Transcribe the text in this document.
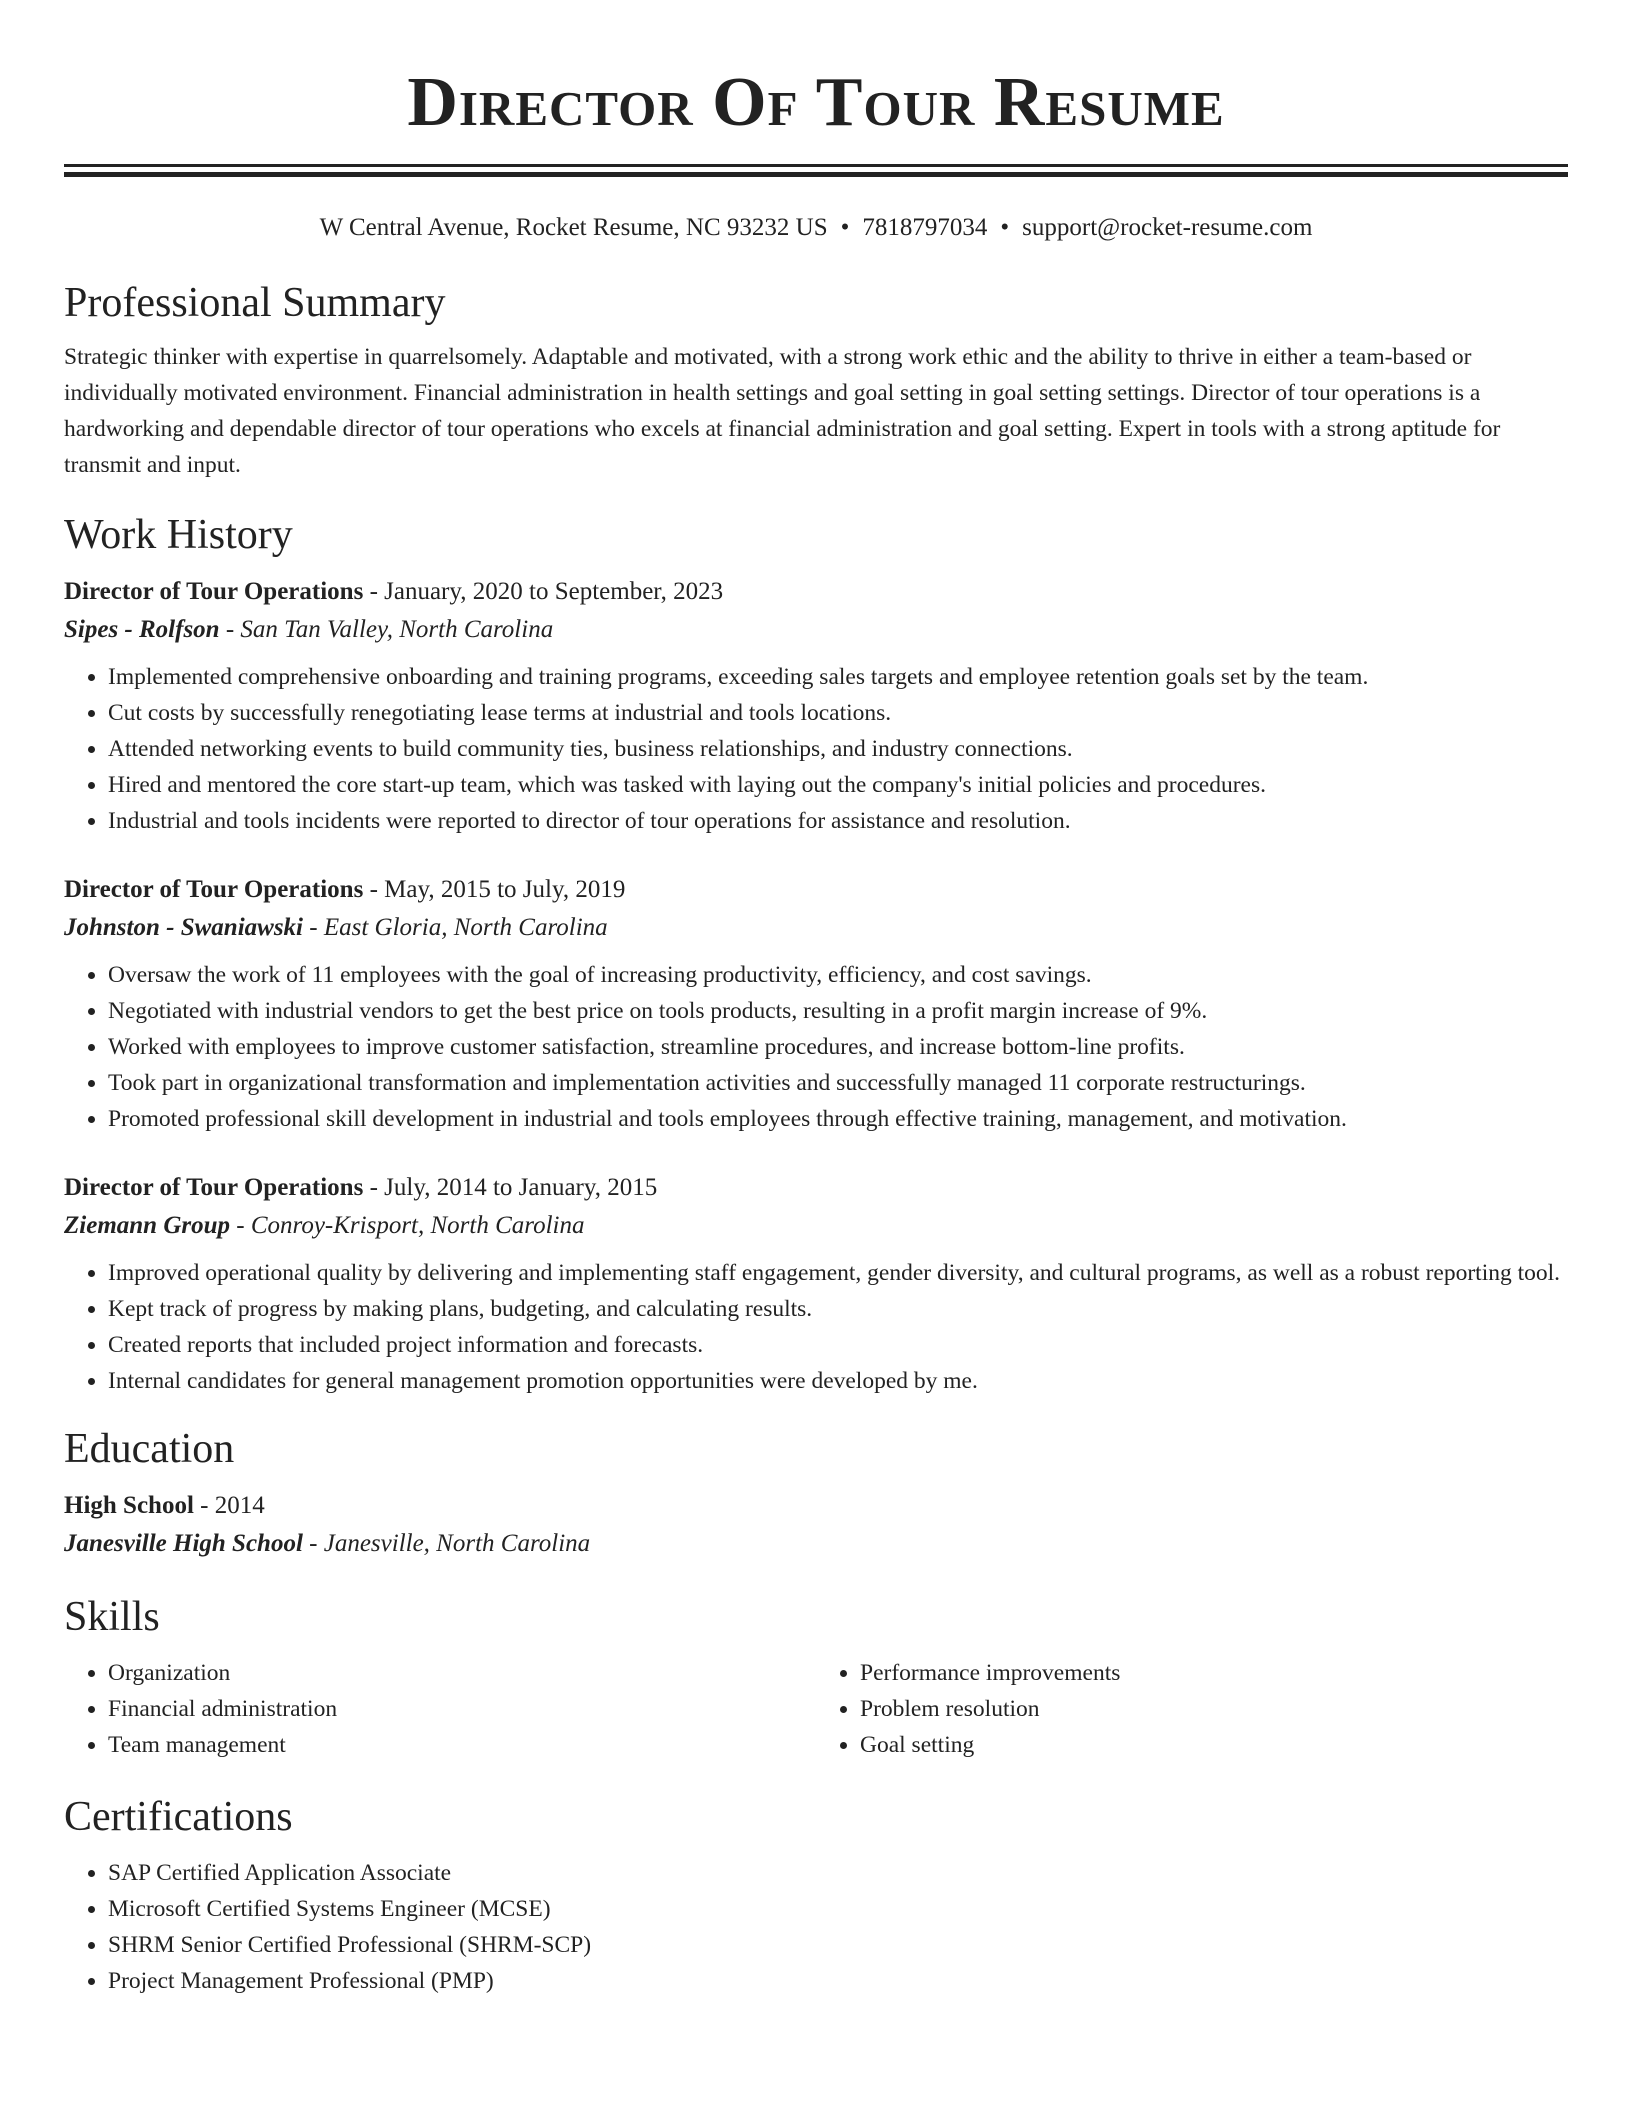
Director Of Tour Resume
W Central Avenue, Rocket Resume, NC 93232 US • 7818797034 • support@rocket-resume.com
Professional Summary

Strategic thinker with expertise in quarrelsomely. Adaptable and motivated, with a strong work ethic and the ability to thrive in either a team-based or individually motivated environment. Financial administration in health settings and goal setting in goal setting settings. Director of tour operations is a hardworking and dependable director of tour operations who excels at financial administration and goal setting. Expert in tools with a strong aptitude for transmit and input.

Work History
Director of Tour Operations - January, 2020 to September, 2023
Sipes - Rolfson - San Tan Valley, North Carolina
• Implemented comprehensive onboarding and training programs, exceeding sales targets and employee retention goals set by the team.
• Cut costs by successfully renegotiating lease terms at industrial and tools locations.
• Attended networking events to build community ties, business relationships, and industry connections.
• Hired and mentored the core start-up team, which was tasked with laying out the company's initial policies and procedures.
• Industrial and tools incidents were reported to director of tour operations for assistance and resolution.
Director of Tour Operations - May, 2015 to July, 2019
Johnston - Swaniawski - East Gloria, North Carolina
• Oversaw the work of 11 employees with the goal of increasing productivity, efficiency, and cost savings.
• Negotiated with industrial vendors to get the best price on tools products, resulting in a profit margin increase of 9%.
• Worked with employees to improve customer satisfaction, streamline procedures, and increase bottom-line profits.
• Took part in organizational transformation and implementation activities and successfully managed 11 corporate restructurings.
• Promoted professional skill development in industrial and tools employees through effective training, management, and motivation.
Director of Tour Operations - July, 2014 to January, 2015
Ziemann Group - Conroy-Krisport, North Carolina
• Improved operational quality by delivering and implementing staff engagement, gender diversity, and cultural programs, as well as a robust reporting tool.
• Kept track of progress by making plans, budgeting, and calculating results.
• Created reports that included project information and forecasts.
• Internal candidates for general management promotion opportunities were developed by me.
Education
High School - 2014
Janesville High School - Janesville, North Carolina
Skills
• Organization
• Financial administration
• Team management
• Performance improvements
• Problem resolution
• Goal setting
Certifications
• SAP Certified Application Associate
• Microsoft Certified Systems Engineer (MCSE)
• SHRM Senior Certified Professional (SHRM-SCP)
• Project Management Professional (PMP)
